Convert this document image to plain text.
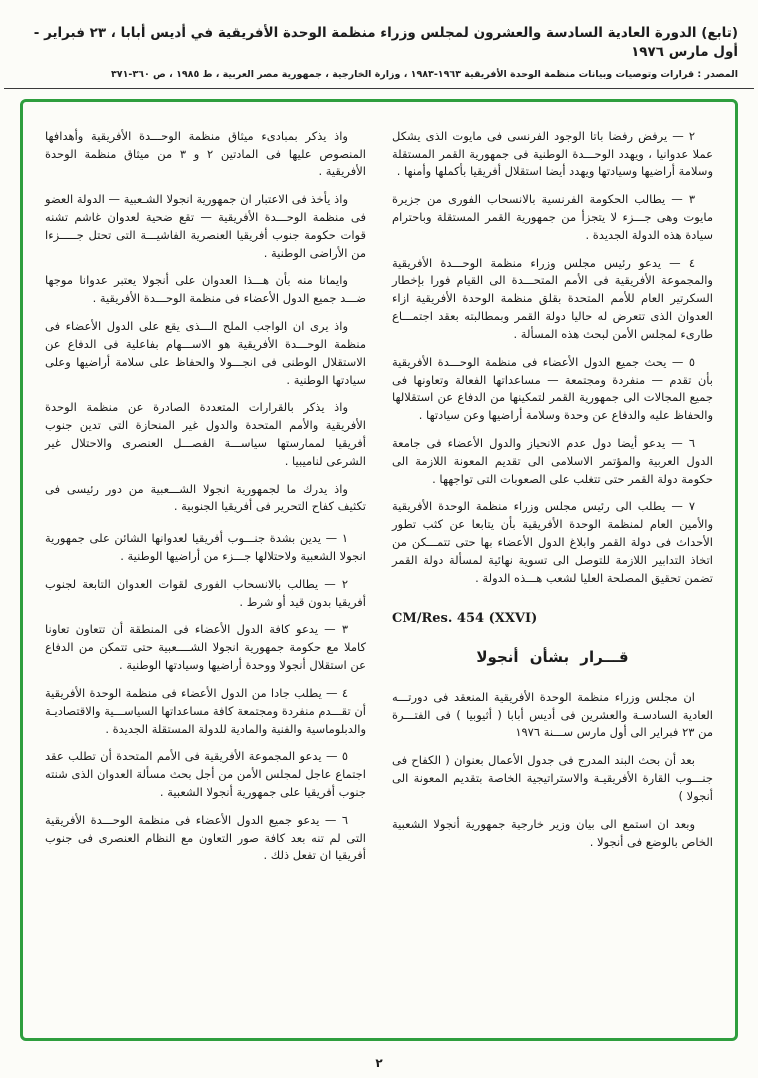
(تابع) الدورة العادية السادسة والعشرون لمجلس وزراء منظمة الوحدة الأفريقية في أديس أبابا ، ٢٣ فبراير - أول مارس ١٩٧٦
المصدر : قرارات وتوصيات وبيانات منظمة الوحدة الأفريقية ١٩٦٣-١٩٨٣ ، وزارة الخارجية ، جمهورية مصر العربية ، ط ١٩٨٥ ، ص ٣٦٠-٣٧١

٢ — يرفض رفضا باتا الوجود الفرنسى فى مايوت الذى يشكل عملا عدوانيا ، ويهدد الوحـــدة الوطنية فى جمهورية القمر المستقلة وسلامة أراضيها وسيادتها ويهدد أيضا استقلال أفريقيا بأكملها وأمنها .

٣ — يطالب الحكومة الفرنسية بالانسحاب الفورى من جزيرة مايوت وهى جـــزء لا يتجزأ من جمهورية القمر المستقلة وباحترام سيادة هذه الدولة الجديدة .

٤ — يدعو رئيس مجلس وزراء منظمة الوحـــدة الأفريقية والمجموعة الأفريقية فى الأمم المتحـــدة الى القيام فورا بإخطار السكرتير العام للأمم المتحدة بقلق منظمة الوحدة الأفريقية ازاء العدوان الذى تتعرض له حاليا دولة القمر وبمطالبته بعقد اجتمـــاع طارىء لمجلس الأمن لبحث هذه المسألة .

٥ — يحث جميع الدول الأعضاء فى منظمة الوحـــدة الأفريقية بأن تقدم — منفردة ومجتمعة — مساعداتها الفعالة وتعاونها فى جميع المجالات الى جمهورية القمر لتمكينها من الدفاع عن استقلالها والحفاظ عليه والدفاع عن وحدة وسلامة أراضيها وعن سيادتها .

٦ — يدعو أيضا دول عدم الانحياز والدول الأعضاء فى جامعة الدول العربية والمؤتمر الاسلامى الى تقديم المعونة اللازمة الى حكومة دولة القمر حتى تتغلب على الصعوبات التى تواجهها .

٧ — يطلب الى رئيس مجلس وزراء منظمة الوحدة الأفريقية والأمين العام لمنظمة الوحدة الأفريقية بأن يتابعا عن كثب تطور الأحداث فى دولة القمر وابلاغ الدول الأعضاء بها حتى تتمـــكن من اتخاذ التدابير اللازمة للتوصل الى تسوية نهائية لمسألة دولة القمر تضمن تحقيق المصلحة العليا لشعب هـــذه الدولة .

CM/Res. 454 (XXVI)

قـــرار بشأن أنجولا

ان مجلس وزراء منظمة الوحدة الأفريقية المنعقد فى دورتـــه العادية السادسـة والعشرين فى أديس أبابا ( أثيوبيا ) فى الفتـــرة من ٢٣ فبراير الى أول مارس ســـنة ١٩٧٦

بعد أن بحث البند المدرج فى جدول الأعمال بعنوان ( الكفاح فى جنـــوب القارة الأفريقيـة والاستراتيجية الخاصة بتقديم المعونة الى أنجولا )

وبعد ان استمع الى بيان وزير خارجية جمهورية أنجولا الشعبية الخاص بالوضع فى أنجولا .

واذ يذكر بمبادىء ميثاق منظمة الوحـــدة الأفريقية وأهدافها المنصوص عليها فى المادتين ٢ و ٣ من ميثاق منظمة الوحدة الأفريقية .

واذ يأخذ فى الاعتبار ان جمهورية انجولا الشـعبية — الدولة العضو فى منظمة الوحـــدة الأفريقية — تقع ضحية لعدوان غاشم تشنه قوات حكومة جنوب أفريقيا العنصرية الفاشيـــة التى تحتل جـــــزءا من الأراضى الوطنية .

وايمانا منه بأن هـــذا العدوان على أنجولا يعتبر عدوانا موجها ضـــد جميع الدول الأعضاء فى منظمة الوحـــدة الأفريقية .

واذ يرى ان الواجب الملح الـــذى يقع على الدول الأعضاء فى منظمة الوحـــدة الأفريقية هو الاســـهام بفاعلية فى الدفاع عن الاستقلال الوطنى فى انجـــولا والحفاظ على سلامة أراضيها وعلى سيادتها الوطنية .

واذ يذكر بالقرارات المتعددة الصادرة عن منظمة الوحدة الأفريقية والأمم المتحدة والدول غير المنحازة التى تدين جنوب أفريقيا لممارستها سياســـة الفصـــل العنصرى والاحتلال غير الشرعى لناميبيا .

واذ يدرك ما لجمهورية انجولا الشـــعبية من دور رئيسى فى تكثيف كفاح التحرير فى أفريقيا الجنوبية .

١ — يدين بشدة جنـــوب أفريقيا لعدوانها الشائن على جمهورية انجولا الشعبية ولاحتلالها جـــزء من أراضيها الوطنية .

٢ — يطالب بالانسحاب الفورى لقوات العدوان التابعة لجنوب أفريقيا بدون قيد أو شرط .

٣ — يدعو كافة الدول الأعضاء فى المنطقة أن تتعاون تعاونا كاملا مع حكومة جمهورية انجولا الشــــعبية حتى تتمكن من الدفاع عن استقلال أنجولا ووحدة أراضيها وسيادتها الوطنية .

٤ — يطلب جادا من الدول الأعضاء فى منظمة الوحدة الأفريقية أن تقـــدم منفردة ومجتمعة كافة مساعداتها السياســـية والاقتصاديـة والدبلوماسية والفنية والمادية للدولة المستقلة الجديدة .

٥ — يدعو المجموعة الأفريقية فى الأمم المتحدة أن تطلب عقد اجتماع عاجل لمجلس الأمن من أجل بحث مسألة العدوان الذى شنته جنوب أفريقيا على جمهورية أنجولا الشعبية .

٦ — يدعو جميع الدول الأعضاء فى منظمة الوحـــدة الأفريقية التى لم تنه بعد كافة صور التعاون مع النظام العنصرى فى جنوب أفريقيا ان تفعل ذلك .

٢
